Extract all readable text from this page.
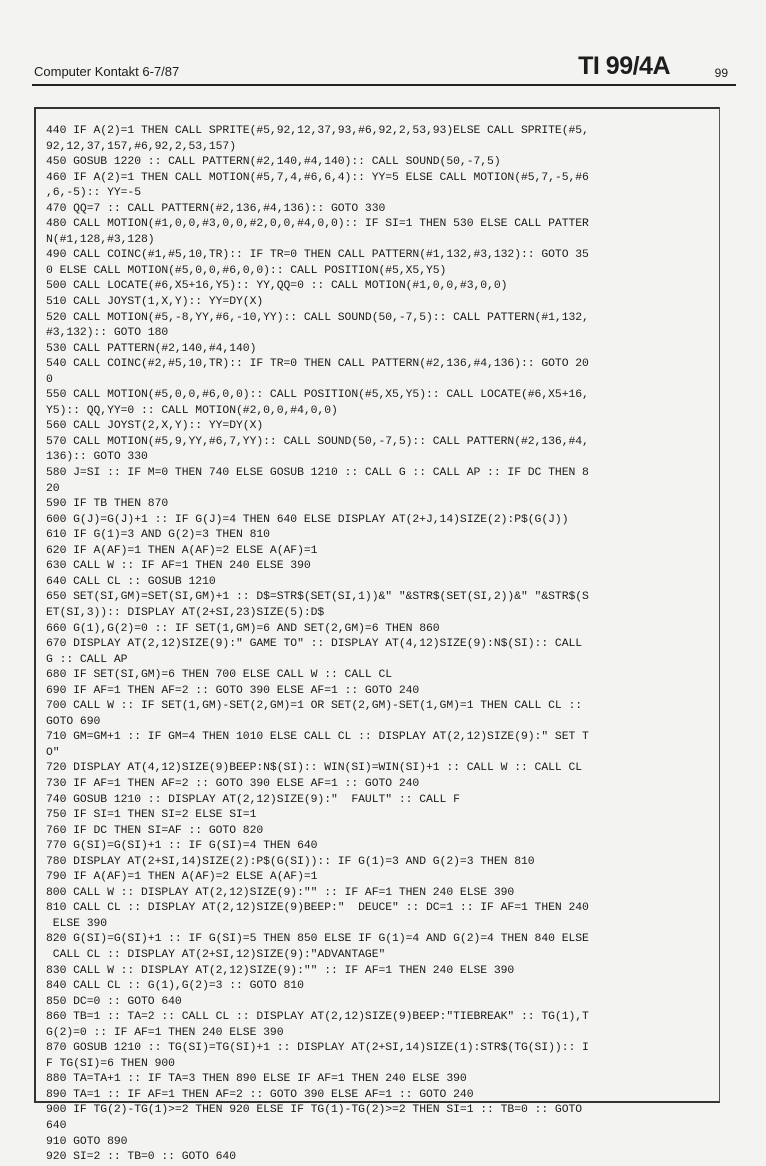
Computer Kontakt 6-7/87	TI 99/4A	99
440 IF A(2)=1 THEN CALL SPRITE(#5,92,12,37,93,#6,92,2,53,93)ELSE CALL SPRITE(#5,
92,12,37,157,#6,92,2,53,157)
450 GOSUB 1220 :: CALL PATTERN(#2,140,#4,140):: CALL SOUND(50,-7,5)
460 IF A(2)=1 THEN CALL MOTION(#5,7,4,#6,6,4):: YY=5 ELSE CALL MOTION(#5,7,-5,#6
,6,-5):: YY=-5
470 QQ=7 :: CALL PATTERN(#2,136,#4,136):: GOTO 330
480 CALL MOTION(#1,0,0,#3,0,0,#2,0,0,#4,0,0):: IF SI=1 THEN 530 ELSE CALL PATTER
N(#1,128,#3,128)
490 CALL COINC(#1,#5,10,TR):: IF TR=0 THEN CALL PATTERN(#1,132,#3,132):: GOTO 35
0 ELSE CALL MOTION(#5,0,0,#6,0,0):: CALL POSITION(#5,X5,Y5)
500 CALL LOCATE(#6,X5+16,Y5):: YY,QQ=0 :: CALL MOTION(#1,0,0,#3,0,0)
510 CALL JOYST(1,X,Y):: YY=DY(X)
520 CALL MOTION(#5,-8,YY,#6,-10,YY):: CALL SOUND(50,-7,5):: CALL PATTERN(#1,132,
#3,132):: GOTO 180
530 CALL PATTERN(#2,140,#4,140)
540 CALL COINC(#2,#5,10,TR):: IF TR=0 THEN CALL PATTERN(#2,136,#4,136):: GOTO 20
0
550 CALL MOTION(#5,0,0,#6,0,0):: CALL POSITION(#5,X5,Y5):: CALL LOCATE(#6,X5+16,
Y5):: QQ,YY=0 :: CALL MOTION(#2,0,0,#4,0,0)
560 CALL JOYST(2,X,Y):: YY=DY(X)
570 CALL MOTION(#5,9,YY,#6,7,YY):: CALL SOUND(50,-7,5):: CALL PATTERN(#2,136,#4,
136):: GOTO 330
580 J=SI :: IF M=0 THEN 740 ELSE GOSUB 1210 :: CALL G :: CALL AP :: IF DC THEN 8
20
590 IF TB THEN 870
600 G(J)=G(J)+1 :: IF G(J)=4 THEN 640 ELSE DISPLAY AT(2+J,14)SIZE(2):P$(G(J))
610 IF G(1)=3 AND G(2)=3 THEN 810
620 IF A(AF)=1 THEN A(AF)=2 ELSE A(AF)=1
630 CALL W :: IF AF=1 THEN 240 ELSE 390
640 CALL CL :: GOSUB 1210
650 SET(SI,GM)=SET(SI,GM)+1 :: D$=STR$(SET(SI,1))&" "&STR$(SET(SI,2))&" "&STR$(S
ET(SI,3)):: DISPLAY AT(2+SI,23)SIZE(5):D$
660 G(1),G(2)=0 :: IF SET(1,GM)=6 AND SET(2,GM)=6 THEN 860
670 DISPLAY AT(2,12)SIZE(9):" GAME TO" :: DISPLAY AT(4,12)SIZE(9):N$(SI):: CALL
G :: CALL AP
680 IF SET(SI,GM)=6 THEN 700 ELSE CALL W :: CALL CL
690 IF AF=1 THEN AF=2 :: GOTO 390 ELSE AF=1 :: GOTO 240
700 CALL W :: IF SET(1,GM)-SET(2,GM)=1 OR SET(2,GM)-SET(1,GM)=1 THEN CALL CL ::
GOTO 690
710 GM=GM+1 :: IF GM=4 THEN 1010 ELSE CALL CL :: DISPLAY AT(2,12)SIZE(9):" SET T
O"
720 DISPLAY AT(4,12)SIZE(9)BEEP:N$(SI):: WIN(SI)=WIN(SI)+1 :: CALL W :: CALL CL
730 IF AF=1 THEN AF=2 :: GOTO 390 ELSE AF=1 :: GOTO 240
740 GOSUB 1210 :: DISPLAY AT(2,12)SIZE(9):"  FAULT" :: CALL F
750 IF SI=1 THEN SI=2 ELSE SI=1
760 IF DC THEN SI=AF :: GOTO 820
770 G(SI)=G(SI)+1 :: IF G(SI)=4 THEN 640
780 DISPLAY AT(2+SI,14)SIZE(2):P$(G(SI)):: IF G(1)=3 AND G(2)=3 THEN 810
790 IF A(AF)=1 THEN A(AF)=2 ELSE A(AF)=1
800 CALL W :: DISPLAY AT(2,12)SIZE(9):"" :: IF AF=1 THEN 240 ELSE 390
810 CALL CL :: DISPLAY AT(2,12)SIZE(9)BEEP:"  DEUCE" :: DC=1 :: IF AF=1 THEN 240
ELSE 390
820 G(SI)=G(SI)+1 :: IF G(SI)=5 THEN 850 ELSE IF G(1)=4 AND G(2)=4 THEN 840 ELSE
CALL CL :: DISPLAY AT(2+SI,12)SIZE(9):"ADVANTAGE"
830 CALL W :: DISPLAY AT(2,12)SIZE(9):"" :: IF AF=1 THEN 240 ELSE 390
840 CALL CL :: G(1),G(2)=3 :: GOTO 810
850 DC=0 :: GOTO 640
860 TB=1 :: TA=2 :: CALL CL :: DISPLAY AT(2,12)SIZE(9)BEEP:"TIEBREAK" :: TG(1),T
G(2)=0 :: IF AF=1 THEN 240 ELSE 390
870 GOSUB 1210 :: TG(SI)=TG(SI)+1 :: DISPLAY AT(2+SI,14)SIZE(1):STR$(TG(SI)):: I
F TG(SI)=6 THEN 900
880 TA=TA+1 :: IF TA=3 THEN 890 ELSE IF AF=1 THEN 240 ELSE 390
890 TA=1 :: IF AF=1 THEN AF=2 :: GOTO 390 ELSE AF=1 :: GOTO 240
900 IF TG(2)-TG(1)>=2 THEN 920 ELSE IF TG(1)-TG(2)>=2 THEN SI=1 :: TB=0 :: GOTO
640
910 GOTO 890
920 SI=2 :: TB=0 :: GOTO 640
